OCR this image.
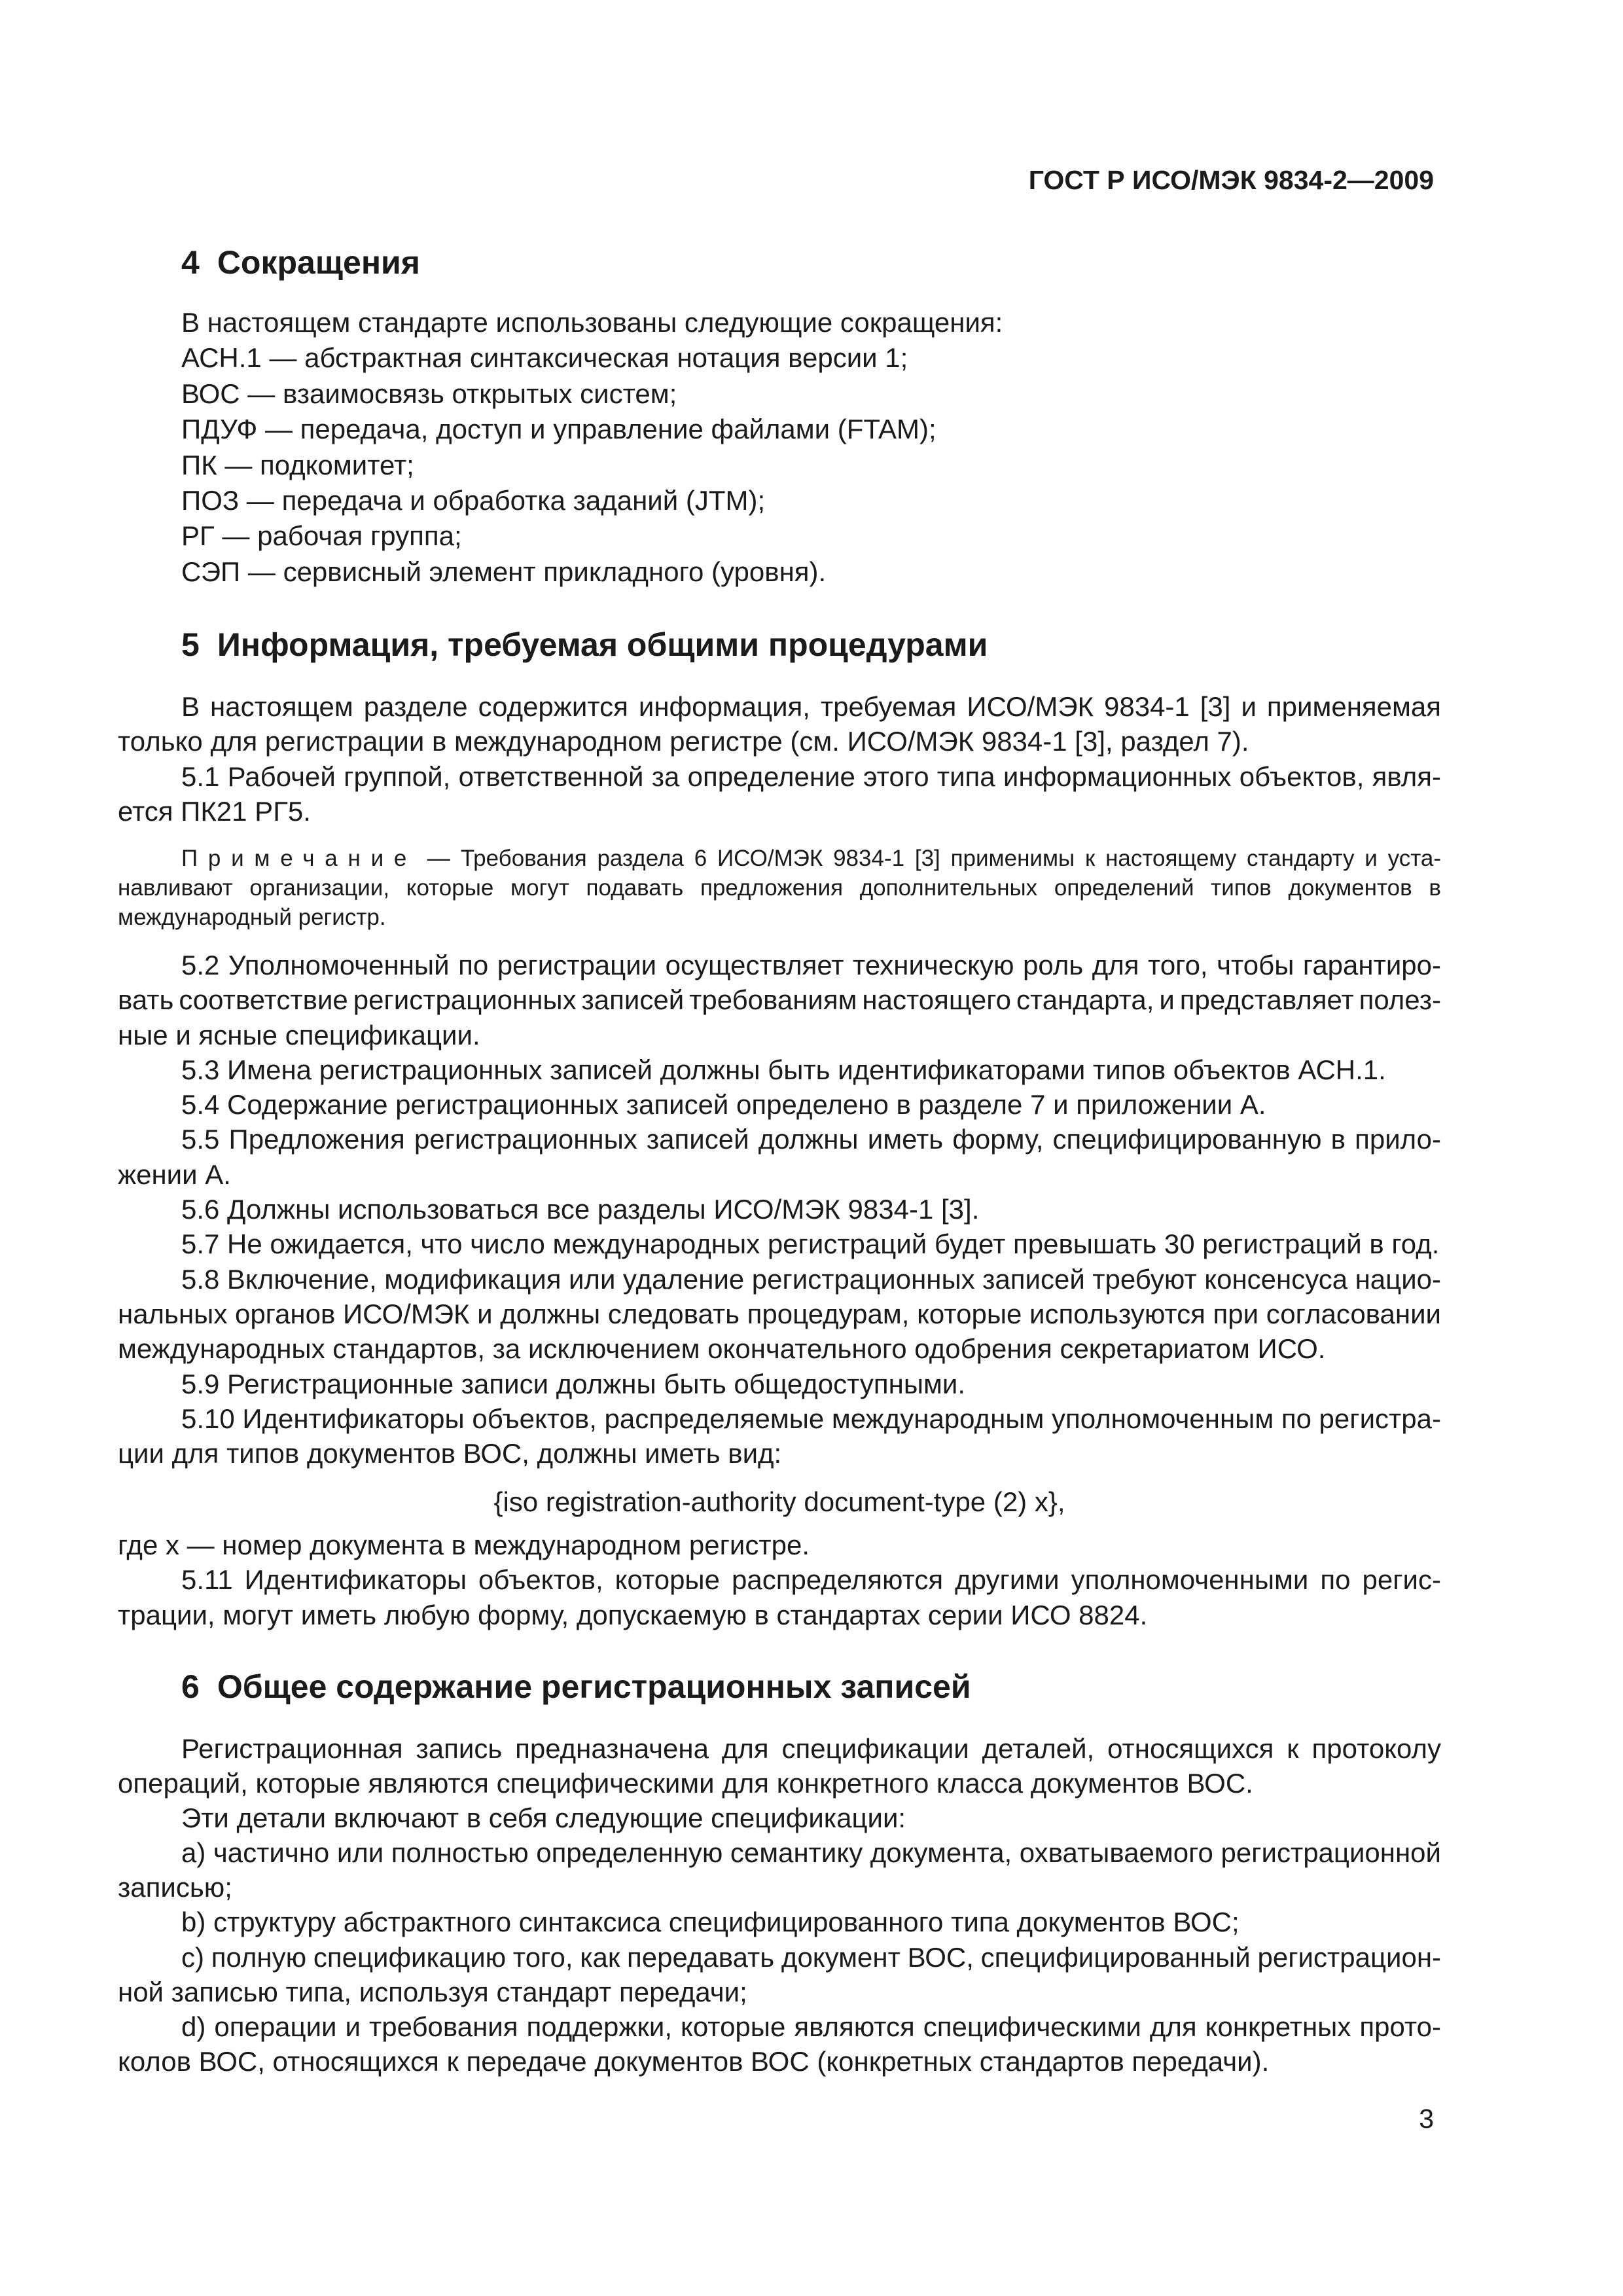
ГОСТ Р ИСО/МЭК 9834-2—2009
4 Сокращения
В настоящем стандарте использованы следующие сокращения:
АСН.1 — абстрактная синтаксическая нотация версии 1;
ВОС — взаимосвязь открытых систем;
ПДУФ — передача, доступ и управление файлами (FTAM);
ПК — подкомитет;
ПОЗ — передача и обработка заданий (JTM);
РГ — рабочая группа;
СЭП — сервисный элемент прикладного (уровня).
5 Информация, требуемая общими процедурами
В настоящем разделе содержится информация, требуемая ИСО/МЭК 9834-1 [3] и применяемая
только для регистрации в международном регистре (см. ИСО/МЭК 9834-1 [3], раздел 7).
5.1 Рабочей группой, ответственной за определение этого типа информационных объектов, явля-
ется ПК21 РГ5.
Примечание — Требования раздела 6 ИСО/МЭК 9834-1 [3] применимы к настоящему стандарту и уста-
навливают организации, которые могут подавать предложения дополнительных определений типов документов в
международный регистр.
5.2 Уполномоченный по регистрации осуществляет техническую роль для того, чтобы гарантиро-
вать соответствие регистрационных записей требованиям настоящего стандарта, и представляет полез-
ные и ясные спецификации.
5.3 Имена регистрационных записей должны быть идентификаторами типов объектов АСН.1.
5.4 Содержание регистрационных записей определено в разделе 7 и приложении А.
5.5 Предложения регистрационных записей должны иметь форму, специфицированную в прило-
жении А.
5.6 Должны использоваться все разделы ИСО/МЭК 9834-1 [3].
5.7 Не ожидается, что число международных регистраций будет превышать 30 регистраций в год.
5.8 Включение, модификация или удаление регистрационных записей требуют консенсуса нацио-
нальных органов ИСО/МЭК и должны следовать процедурам, которые используются при согласовании
международных стандартов, за исключением окончательного одобрения секретариатом ИСО.
5.9 Регистрационные записи должны быть общедоступными.
5.10 Идентификаторы объектов, распределяемые международным уполномоченным по регистра-
ции для типов документов ВОС, должны иметь вид:
{iso registration-authority document-type (2) x},
где x — номер документа в международном регистре.
5.11 Идентификаторы объектов, которые распределяются другими уполномоченными по регис-
трации, могут иметь любую форму, допускаемую в стандартах серии ИСО 8824.
6 Общее содержание регистрационных записей
Регистрационная запись предназначена для спецификации деталей, относящихся к протоколу
операций, которые являются специфическими для конкретного класса документов ВОС.
Эти детали включают в себя следующие спецификации:
a) частично или полностью определенную семантику документа, охватываемого регистрационной
записью;
b) структуру абстрактного синтаксиса специфицированного типа документов ВОС;
c) полную спецификацию того, как передавать документ ВОС, специфицированный регистрацион-
ной записью типа, используя стандарт передачи;
d) операции и требования поддержки, которые являются специфическими для конкретных прото-
колов ВОС, относящихся к передаче документов ВОС (конкретных стандартов передачи).
3
